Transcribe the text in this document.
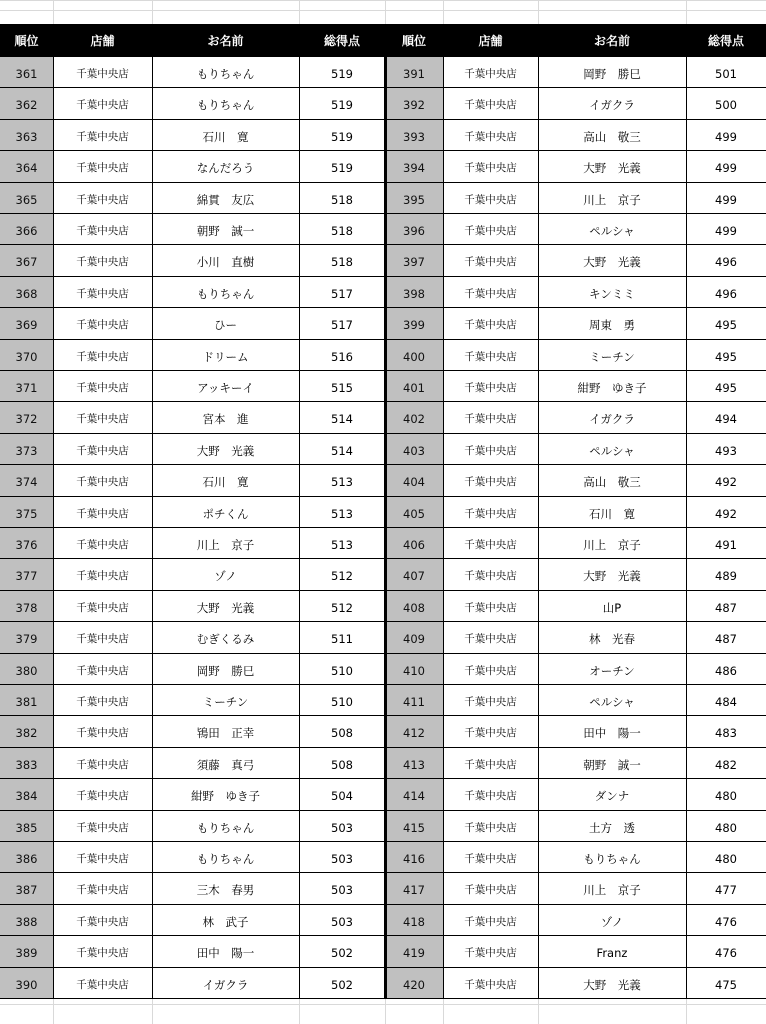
順位	店舗	お名前	総得点	順位	店舗	お名前	総得点
361	千葉中央店	もりちゃん	519	391	千葉中央店	岡野　勝巳	501
362	千葉中央店	もりちゃん	519	392	千葉中央店	イガクラ	500
363	千葉中央店	石川　寛	519	393	千葉中央店	高山　敬三	499
364	千葉中央店	なんだろう	519	394	千葉中央店	大野　光義	499
365	千葉中央店	綿貫　友広	518	395	千葉中央店	川上　京子	499
366	千葉中央店	朝野　誠一	518	396	千葉中央店	ペルシャ	499
367	千葉中央店	小川　直樹	518	397	千葉中央店	大野　光義	496
368	千葉中央店	もりちゃん	517	398	千葉中央店	キンミミ	496
369	千葉中央店	ひー	517	399	千葉中央店	周東　勇	495
370	千葉中央店	ドリーム	516	400	千葉中央店	ミーチン	495
371	千葉中央店	アッキーイ	515	401	千葉中央店	紺野　ゆき子	495
372	千葉中央店	宮本　進	514	402	千葉中央店	イガクラ	494
373	千葉中央店	大野　光義	514	403	千葉中央店	ペルシャ	493
374	千葉中央店	石川　寛	513	404	千葉中央店	高山　敬三	492
375	千葉中央店	ポチくん	513	405	千葉中央店	石川　寛	492
376	千葉中央店	川上　京子	513	406	千葉中央店	川上　京子	491
377	千葉中央店	ゾノ	512	407	千葉中央店	大野　光義	489
378	千葉中央店	大野　光義	512	408	千葉中央店	山P	487
379	千葉中央店	むぎくるみ	511	409	千葉中央店	林　光春	487
380	千葉中央店	岡野　勝巳	510	410	千葉中央店	オーチン	486
381	千葉中央店	ミーチン	510	411	千葉中央店	ペルシャ	484
382	千葉中央店	鴇田　正幸	508	412	千葉中央店	田中　陽一	483
383	千葉中央店	須藤　真弓	508	413	千葉中央店	朝野　誠一	482
384	千葉中央店	紺野　ゆき子	504	414	千葉中央店	ダンナ	480
385	千葉中央店	もりちゃん	503	415	千葉中央店	土方　透	480
386	千葉中央店	もりちゃん	503	416	千葉中央店	もりちゃん	480
387	千葉中央店	三木　春男	503	417	千葉中央店	川上　京子	477
388	千葉中央店	林　武子	503	418	千葉中央店	ゾノ	476
389	千葉中央店	田中　陽一	502	419	千葉中央店	Franz	476
390	千葉中央店	イガクラ	502	420	千葉中央店	大野　光義	475
